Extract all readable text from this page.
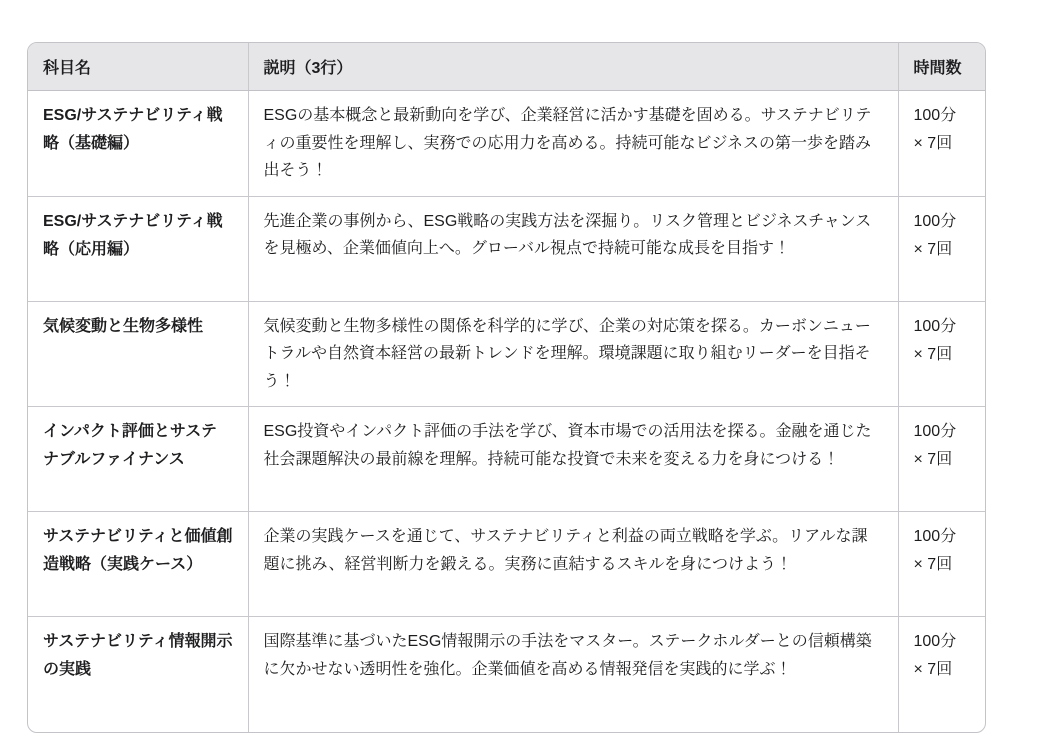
科目名	説明（3行）	時間数
ESG/サステナビリティ戦略（基礎編）	ESGの基本概念と最新動向を学び、企業経営に活かす基礎を固める。サステナビリティの重要性を理解し、実務での応用力を高める。持続可能なビジネスの第一歩を踏み出そう！	100分
× 7回

ESG/サステナビリティ戦略（応用編）	先進企業の事例から、ESG戦略の実践方法を深掘り。リスク管理とビジネスチャンスを見極め、企業価値向上へ。グローバル視点で持続可能な成長を目指す！	100分
× 7回

気候変動と生物多様性	気候変動と生物多様性の関係を科学的に学び、企業の対応策を探る。カーボンニュートラルや自然資本経営の最新トレンドを理解。環境課題に取り組むリーダーを目指そう！	100分
× 7回

インパクト評価とサステナブルファイナンス	ESG投資やインパクト評価の手法を学び、資本市場での活用法を探る。金融を通じた社会課題解決の最前線を理解。持続可能な投資で未来を変える力を身につける！	100分
× 7回

サステナビリティと価値創造戦略（実践ケース）	企業の実践ケースを通じて、サステナビリティと利益の両立戦略を学ぶ。リアルな課題に挑み、経営判断力を鍛える。実務に直結するスキルを身につけよう！	100分
× 7回

サステナビリティ情報開示の実践	国際基準に基づいたESG情報開示の手法をマスター。ステークホルダーとの信頼構築に欠かせない透明性を強化。企業価値を高める情報発信を実践的に学ぶ！	100分
× 7回
